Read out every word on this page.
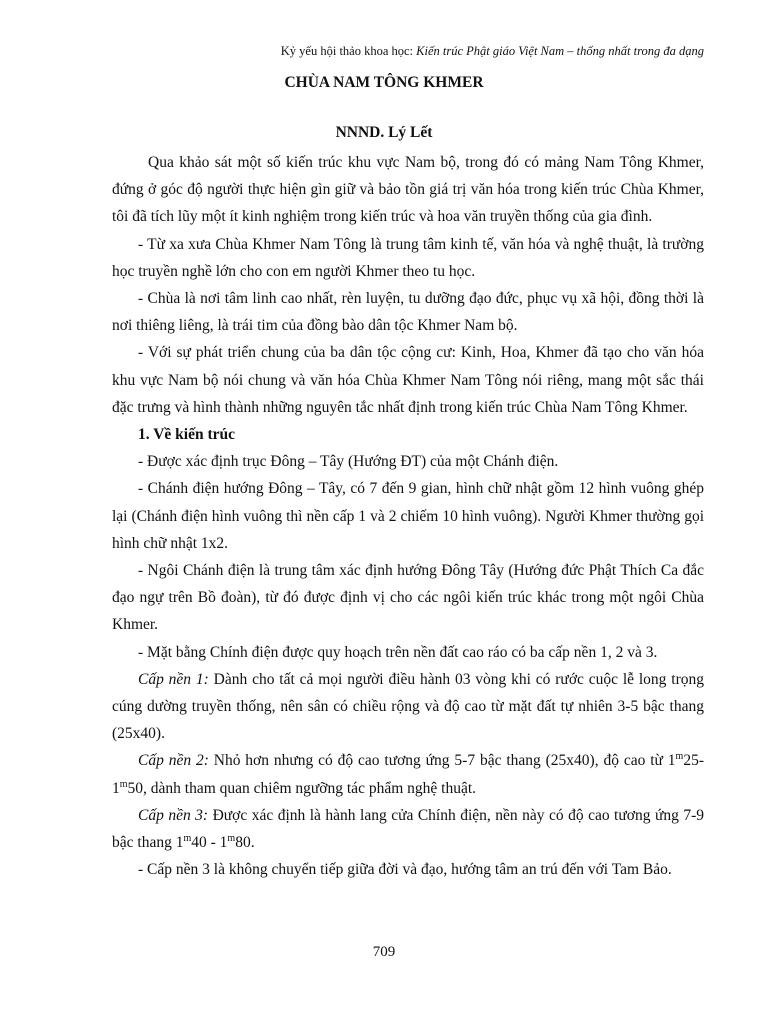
Kỷ yếu hội thảo khoa học: Kiến trúc Phật giáo Việt Nam – thống nhất trong đa dạng
CHÙA NAM TÔNG KHMER
NNND. Lý Lết

Qua khảo sát một số kiến trúc khu vực Nam bộ, trong đó có mảng Nam Tông Khmer, đứng ở góc độ người thực hiện gìn giữ và bảo tồn giá trị văn hóa trong kiến trúc Chùa Khmer, tôi đã tích lũy một ít kinh nghiệm trong kiến trúc và hoa văn truyền thống của gia đình.

- Từ xa xưa Chùa Khmer Nam Tông là trung tâm kinh tế, văn hóa và nghệ thuật, là trường học truyền nghề lớn cho con em người Khmer theo tu học.

- Chùa là nơi tâm linh cao nhất, rèn luyện, tu dưỡng đạo đức, phục vụ xã hội, đồng thời là nơi thiêng liêng, là trái tim của đồng bào dân tộc Khmer Nam bộ.

- Với sự phát triển chung của ba dân tộc cộng cư: Kinh, Hoa, Khmer đã tạo cho văn hóa khu vực Nam bộ nói chung và văn hóa Chùa Khmer Nam Tông nói riêng, mang một sắc thái đặc trưng và hình thành những nguyên tắc nhất định trong kiến trúc Chùa Nam Tông Khmer.

1. Về kiến trúc

- Được xác định trục Đông – Tây (Hướng ĐT) của một Chánh điện.

- Chánh điện hướng Đông – Tây, có 7 đến 9 gian, hình chữ nhật gồm 12 hình vuông ghép lại (Chánh điện hình vuông thì nền cấp 1 và 2 chiếm 10 hình vuông). Người Khmer thường gọi hình chữ nhật 1x2.

- Ngôi Chánh điện là trung tâm xác định hướng Đông Tây (Hướng đức Phật Thích Ca đắc đạo ngự trên Bồ đoàn), từ đó được định vị cho các ngôi kiến trúc khác trong một ngôi Chùa Khmer.

- Mặt bằng Chính điện được quy hoạch trên nền đất cao ráo có ba cấp nền 1, 2 và 3.

Cấp nền 1: Dành cho tất cả mọi người điều hành 03 vòng khi có rước cuộc lễ long trọng cúng dường truyền thống, nên sân có chiều rộng và độ cao từ mặt đất tự nhiên 3-5 bậc thang (25x40).

Cấp nền 2: Nhỏ hơn nhưng có độ cao tương ứng 5-7 bậc thang (25x40), độ cao từ 1$^m$25-1$^m$50, dành tham quan chiêm ngưỡng tác phẩm nghệ thuật.

Cấp nền 3: Được xác định là hành lang cửa Chính điện, nền này có độ cao tương ứng 7-9 bậc thang 1$^m$40 - 1$^m$80.

- Cấp nền 3 là không chuyển tiếp giữa đời và đạo, hướng tâm an trú đến với Tam Bảo.

709
